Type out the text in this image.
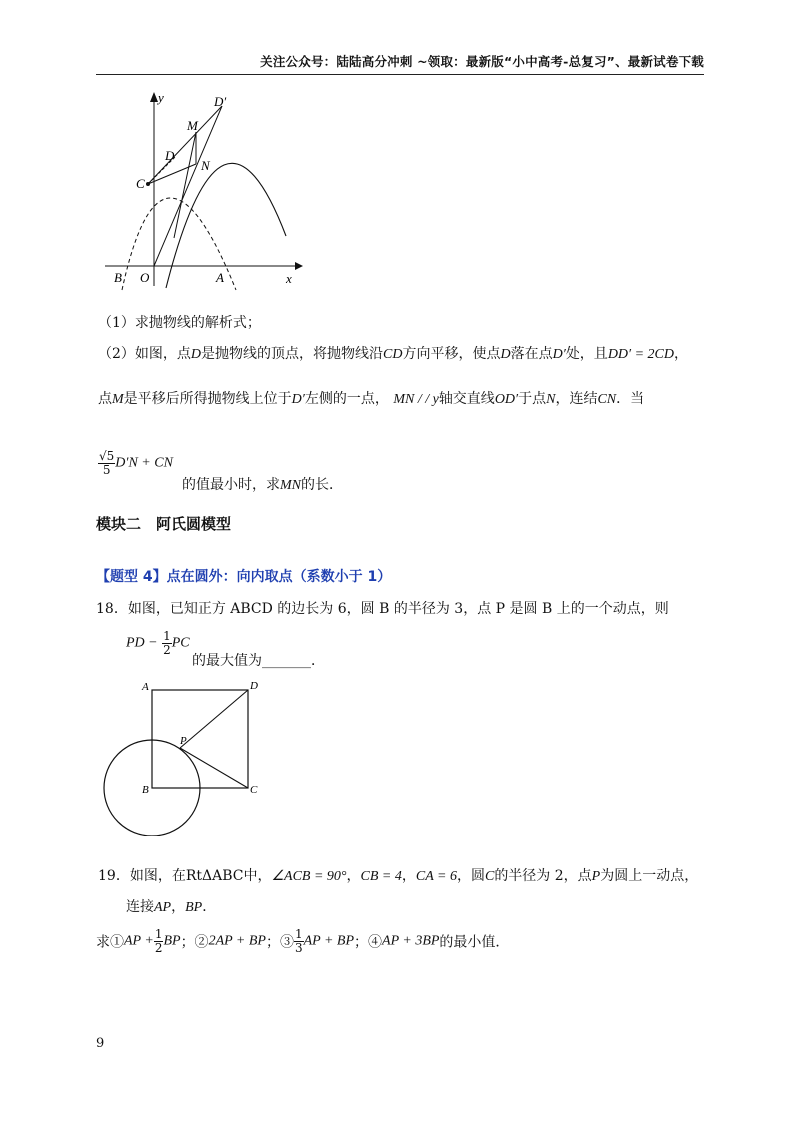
关注公众号：陆陆高分冲刺 ~领取：最新版“小中高考-总复习”、最新试卷下载
y
x
O
B	A
C
D
D′
M
N
（1）求抛物线的解析式；
（2）如图，点D是抛物线的顶点，将抛物线沿CD方向平移，使点D落在点D′处，且DD′ = 2CD，
点M是平移后所得抛物线上位于D′左侧的一点， MN / / y轴交直线OD′于点N，连结CN．当
$\frac{√5}{5} D'N$ + CN
的值最小时，求MN的长．
模块二　阿氏圆模型
【题型 4】点在圆外：向内取点（系数小于 1）
18．如图，已知正方 ABCD 的边长为 6，圆 B 的半径为 3，点 P 是圆 B 上的一个动点，则
PD − $\frac{1}{2}$ PC
的最大值为_______．
A	D
B	C
P
19．如图，在RtΔABC中，∠ACB = 90°，CB = 4，CA = 6，圆C的半径为 2，点P为圆上一动点，
连接AP，BP．
求①AP + $\frac{1}{2}$ BP；②2AP + BP；③ $\frac{1}{3}$ AP + BP；④AP + 3BP的最小值．
9
